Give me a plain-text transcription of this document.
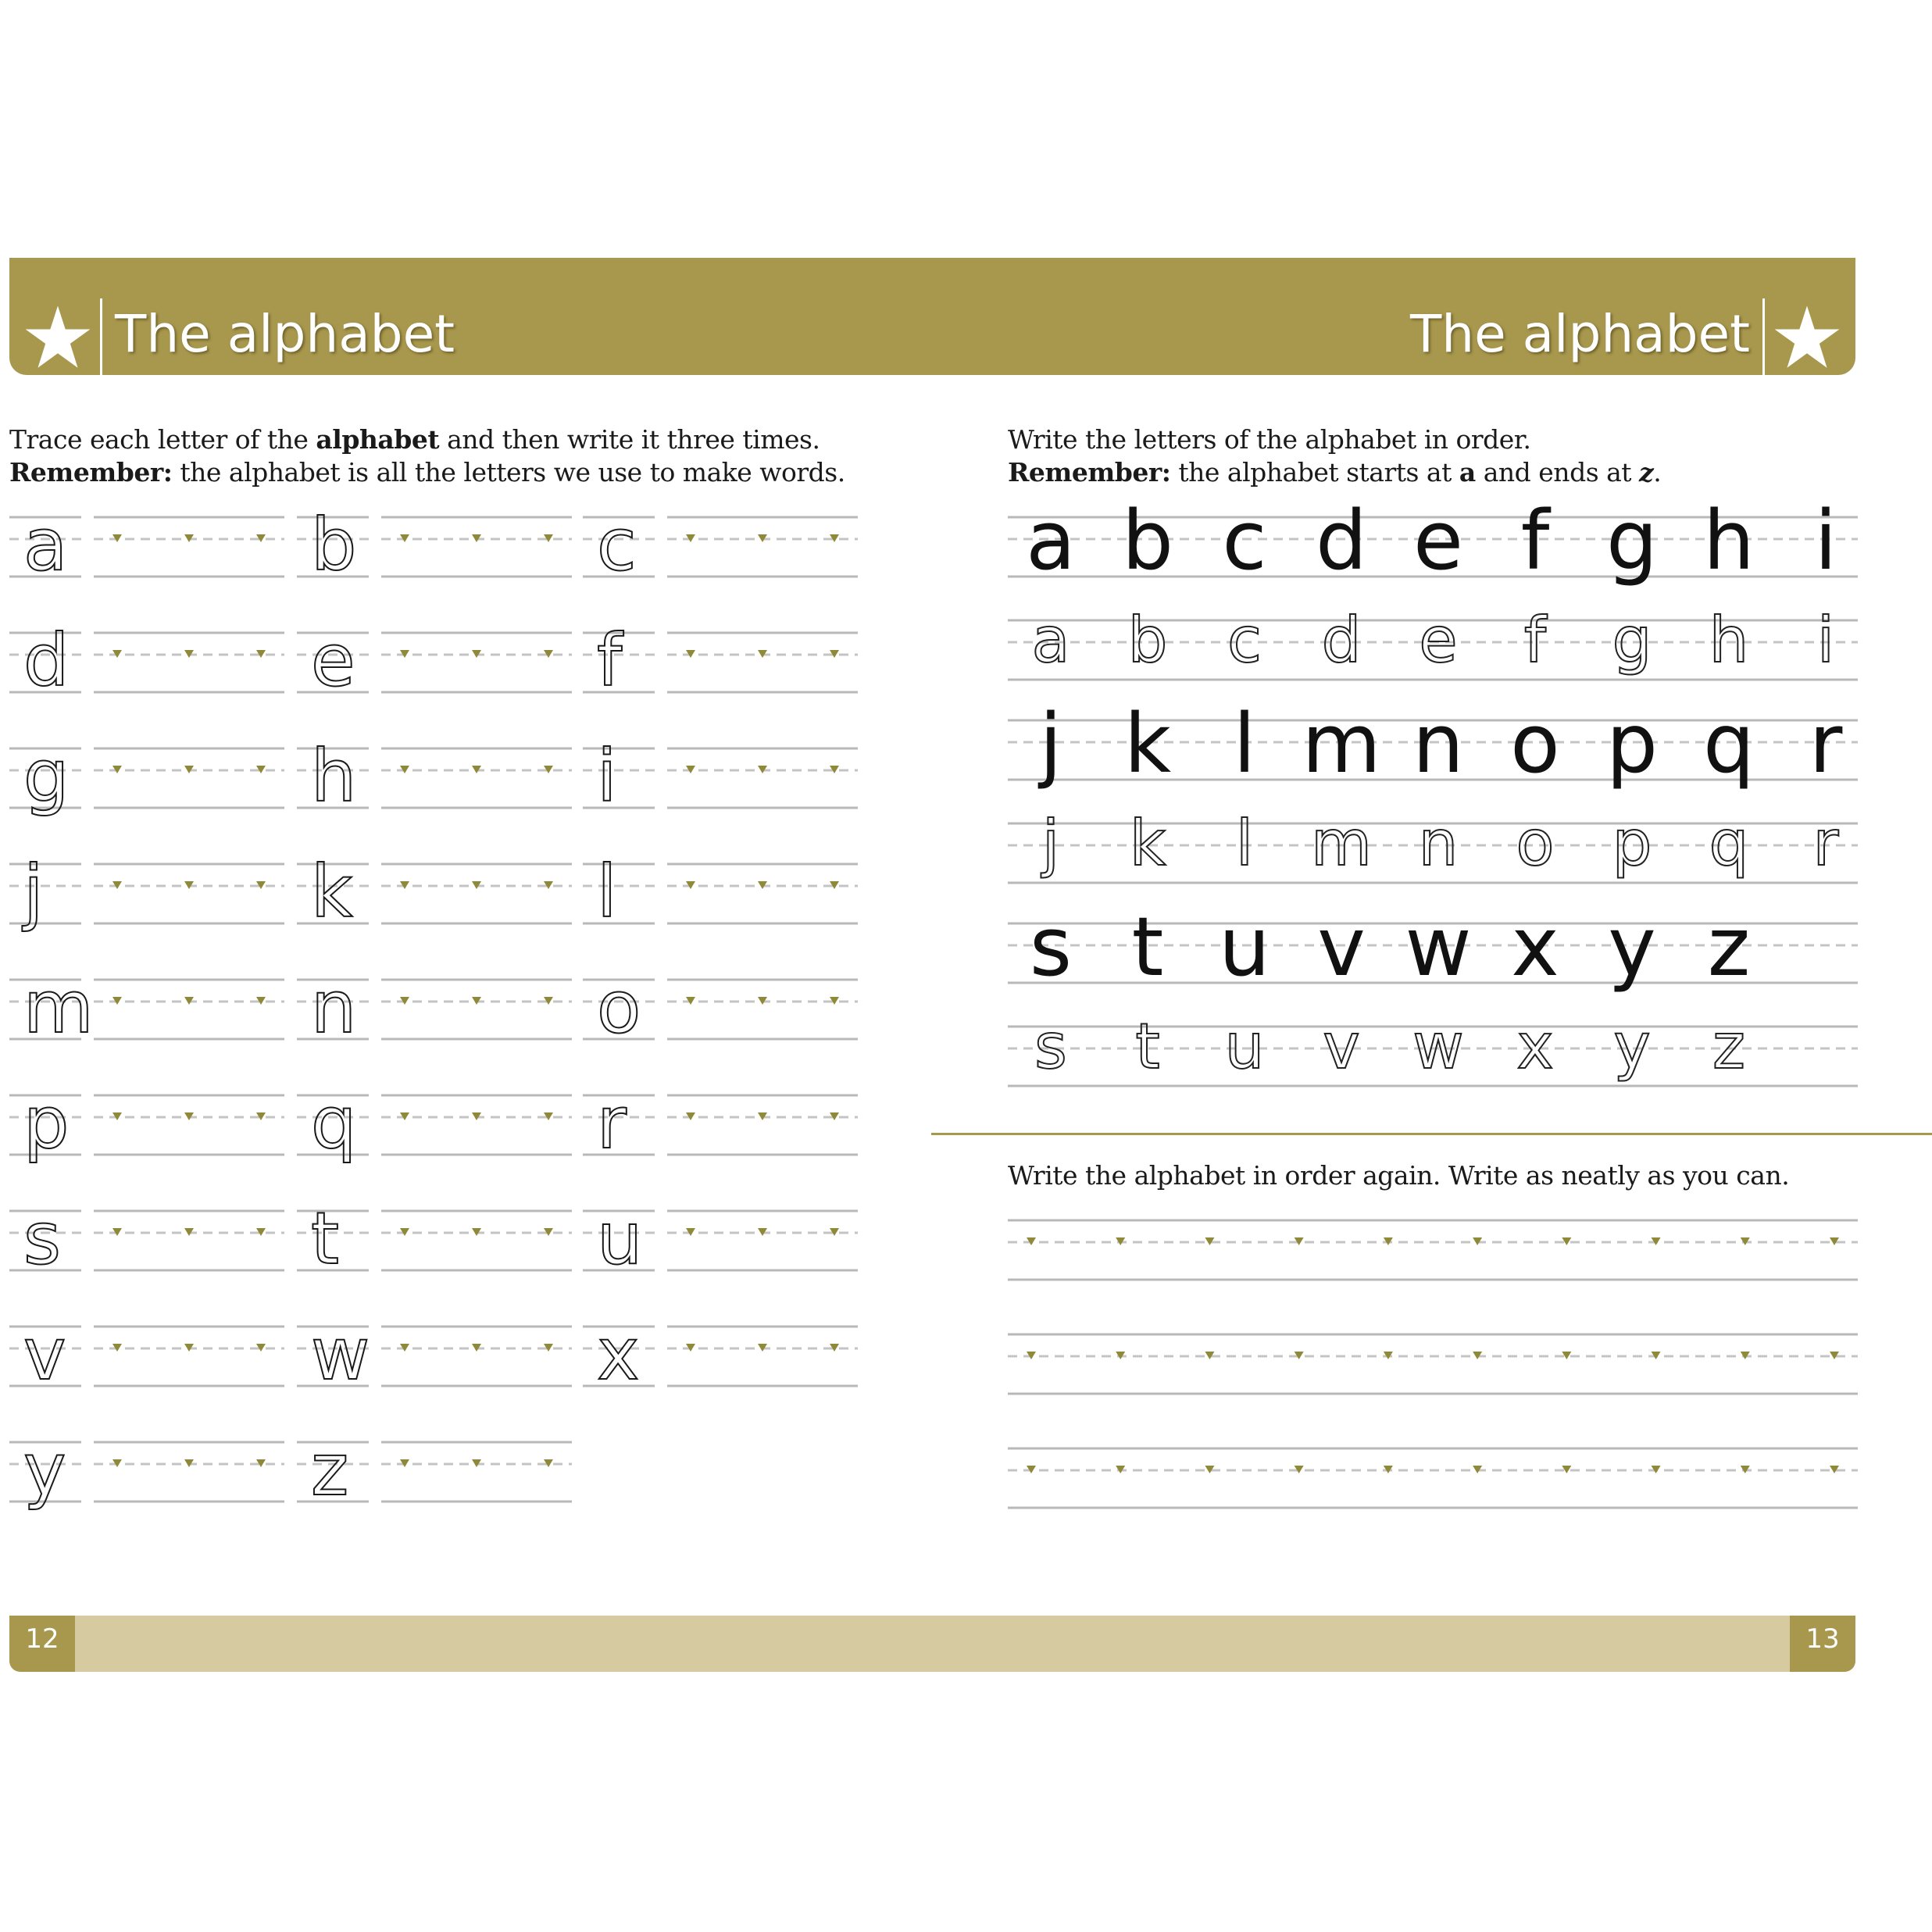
The alphabet	The alphabet
Trace each letter of the alphabet and then write it three times.
Remember: the alphabet is all the letters we use to make words.
a	b	c
d	e	f
g	h	i
j	k	l
m	n	o
p	q	r
s	t	u
v	w	x
y	z
Write the letters of the alphabet in order.
Remember: the alphabet starts at a and ends at z.
a
a
b
b
c
c
d
d
e
e
f
f
g
g
h
h
i
i
j
j
k
k
l
l
m
m
n
n
o
o
p
p
q
q
r
r
s
s
t
t
u
u
v
v
w
w
x
x
y
y
z
z
Write the alphabet in order again. Write as neatly as you can.
12	13
